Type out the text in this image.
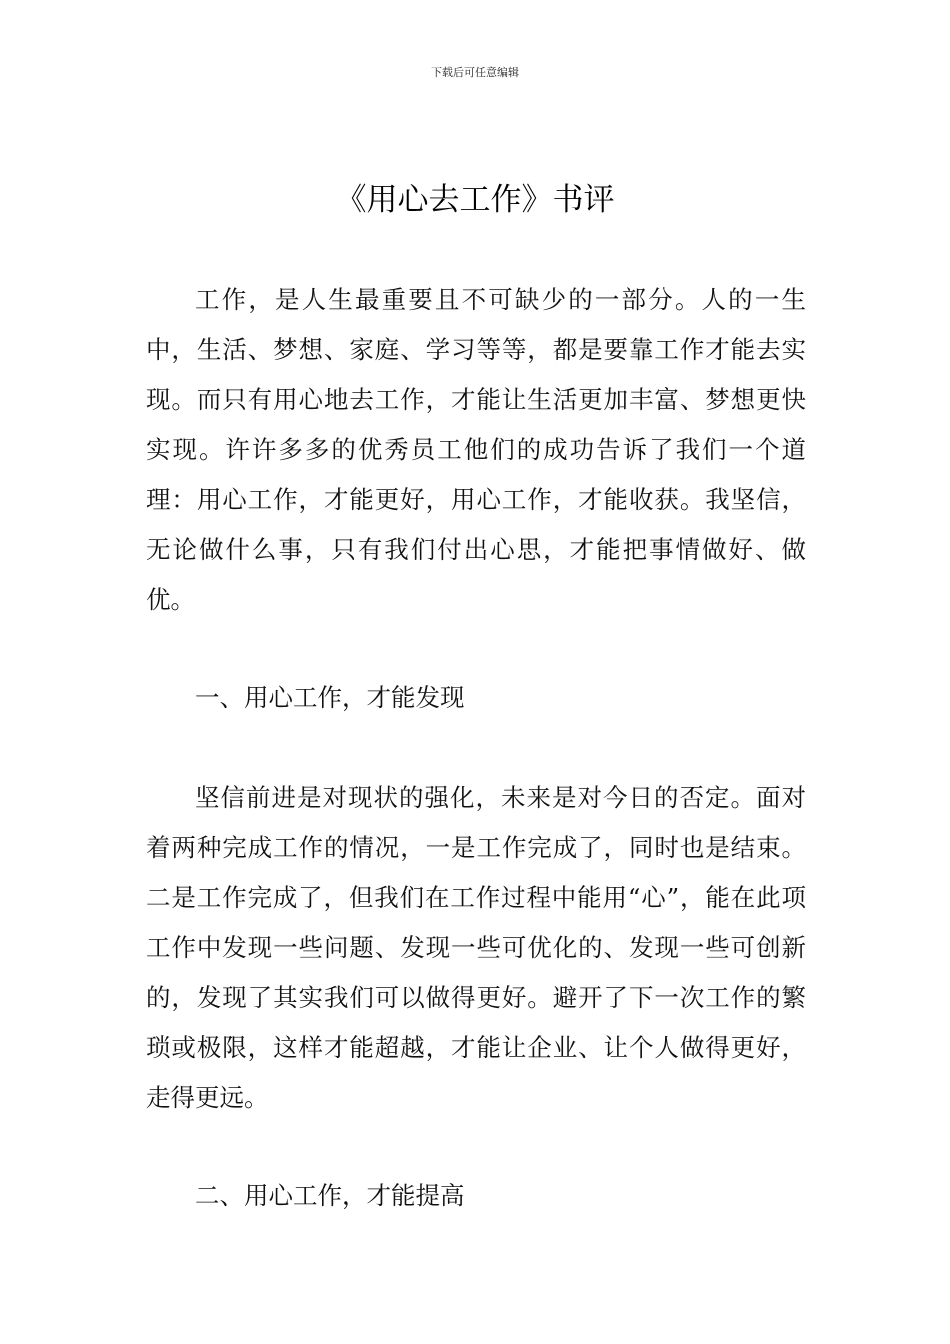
下载后可任意编辑
《用心去工作》书评

工作，是人生最重要且不可缺少的一部分。人的一生中，生活、梦想、家庭、学习等等，都是要靠工作才能去实现。而只有用心地去工作，才能让生活更加丰富、梦想更快实现。许许多多的优秀员工他们的成功告诉了我们一个道理：用心工作，才能更好，用心工作，才能收获。我坚信，无论做什么事，只有我们付出心思，才能把事情做好、做优。

一、用心工作，才能发现

坚信前进是对现状的强化，未来是对今日的否定。面对着两种完成工作的情况，一是工作完成了，同时也是结束。二是工作完成了，但我们在工作过程中能用“心”，能在此项工作中发现一些问题、发现一些可优化的、发现一些可创新的，发现了其实我们可以做得更好。避开了下一次工作的繁琐或极限，这样才能超越，才能让企业、让个人做得更好，走得更远。

二、用心工作，才能提高
